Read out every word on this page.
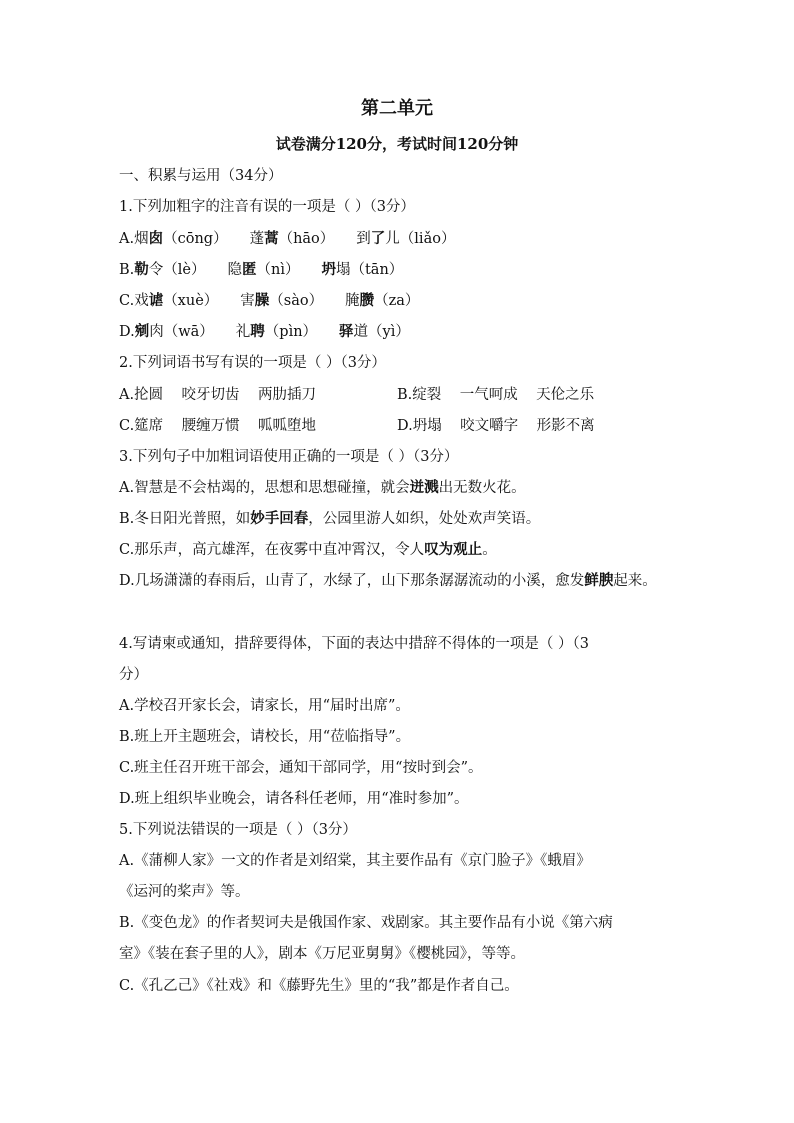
第二单元
试卷满分120分，考试时间120分钟
一、积累与运用（34分）
1.下列加粗字的注音有误的一项是（ ）（3分）
A.烟囱（cōng） 蓬蒿（hāo） 到了儿（liǎo）
B.勒令（lè） 隐匿（nì） 坍塌（tān）
C.戏谑（xuè） 害臊（sào） 腌臜（za）
D.剜肉（wā） 礼聘（pìn） 驿道（yì）
2.下列词语书写有误的一项是（ ）（3分）
A.抡圆    咬牙切齿    两肋插刀	B.绽裂    一气呵成    天伦之乐
C.筵席    腰缠万惯    呱呱堕地	D.坍塌    咬文嚼字    形影不离
3.下列句子中加粗词语使用正确的一项是（ ）（3分）
A.智慧是不会枯竭的，思想和思想碰撞，就会迸溅出无数火花。
B.冬日阳光普照，如妙手回春，公园里游人如织，处处欢声笑语。
C.那乐声，高亢雄浑，在夜雾中直冲霄汉，令人叹为观止。
D.几场潇潇的春雨后，山青了，水绿了，山下那条潺潺流动的小溪，愈发鲜腴起来。
4.写请柬或通知，措辞要得体，下面的表达中措辞不得体的一项是（ ）（3
分）
A.学校召开家长会，请家长，用“届时出席”。
B.班上开主题班会，请校长，用“莅临指导”。
C.班主任召开班干部会，通知干部同学，用“按时到会”。
D.班上组织毕业晚会，请各科任老师，用“准时参加”。
5.下列说法错误的一项是（ ）（3分）
A.《蒲柳人家》一文的作者是刘绍棠，其主要作品有《京门脸子》《蛾眉》
《运河的桨声》等。
B.《变色龙》的作者契诃夫是俄国作家、戏剧家。其主要作品有小说《第六病
室》《装在套子里的人》，剧本《万尼亚舅舅》《樱桃园》，等等。
C.《孔乙己》《社戏》和《藤野先生》里的“我”都是作者自己。
